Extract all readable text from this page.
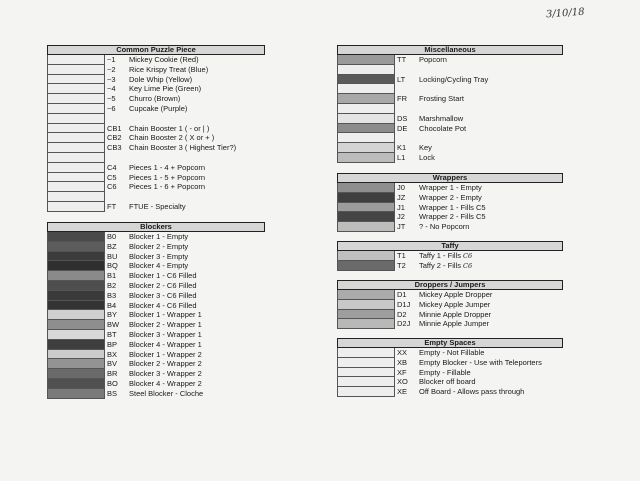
3/10/18
Common Puzzle Piece
~1	Mickey Cookie (Red)
~2	Rice Krispy Treat (Blue)
~3	Dole Whip (Yellow)
~4	Key Lime Pie (Green)
~5	Churro (Brown)
~6	Cupcake (Purple)
CB1 Chain Booster 1 ( - or | )
CB2 Chain Booster 2 ( X or + )
CB3 Chain Booster 3 ( Highest Tier?)
C4	Pieces 1 - 4 + Popcorn
C5	Pieces 1 - 5 + Popcorn
C6	Pieces 1 - 6 + Popcorn
FT	FTUE - Specialty
Blockers
B0	Blocker 1 - Empty
BZ	Blocker 2 - Empty
BU	Blocker 3 - Empty
BQ	Blocker 4 - Empty
B1	Blocker 1 - C6 Filled
B2	Blocker 2 - C6 Filled
B3	Blocker 3 - C6 Filled
B4	Blocker 4 - C6 Filled
BY	Blocker 1 - Wrapper 1
BW	Blocker 2 - Wrapper 1
BT	Blocker 3 - Wrapper 1
BP	Blocker 4 - Wrapper 1
BX	Blocker 1 - Wrapper 2
BV	Blocker 2 - Wrapper 2
BR	Blocker 3 - Wrapper 2
BO	Blocker 4 - Wrapper 2
BS	Steel Blocker - Cloche
Miscellaneous
TT	Popcorn
LT	Locking/Cycling Tray
FR	Frosting Start
DS	Marshmallow
DE	Chocolate Pot
K1	Key
L1	Lock
Wrappers
J0	Wrapper 1 - Empty
JZ	Wrapper 2 - Empty
J1	Wrapper 1 - Fills C5
J2	Wrapper 2 - Fills C5
JT	? - No Popcorn
Taffy
T1	Taffy 1 - Fills C6
T2	Taffy 2 - Fills C6
Droppers / Jumpers
D1	Mickey Apple Dropper
D1J	Mickey Apple Jumper
D2	Minnie Apple Dropper
D2J	Minnie Apple Jumper
Empty Spaces
XX	Empty - Not Fillable
XB	Empty Blocker - Use with Teleporters
XF	Empty - Fillable
XO	Blocker off board
XE	Off Board - Allows pass through
